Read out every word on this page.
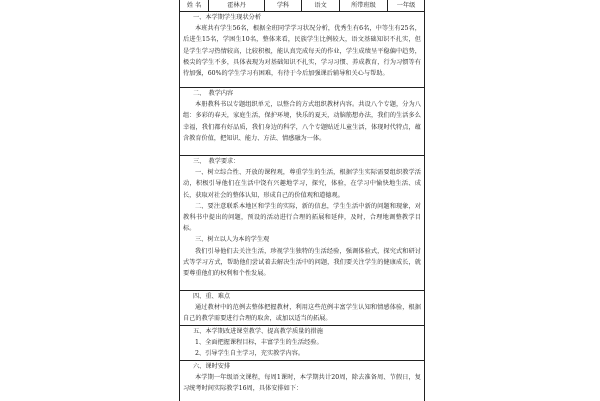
姓 名	霍林丹	学科	语文	所带班级	一年级
一、本学期学生现状分析

本班共有学生56名，根据全班同学学习状况分析，优秀生有6名，中等生有25名，后进生15名，学困生10名，整体来看，民族学生比例较大，语文基础知识不扎实，但是学生学习热情较高，比较积极，能认真完成每天的作业，学生成绩呈平稳偏中趋势，极尖的学生不多，具体表现为对基础知识不扎实，学习习惯、养成教育，行为习惯等有待加强，60%的学生学习有困难，有待于今后加强课后辅导和关心与帮助。

二、　教学内容

本册教科书以专题组织单元，以整合的方式组织教材内容。共设八个专题，分为八组：多彩的春天，家庭生活，保护环境，快乐的夏天，动脑筋想办法，我们的生活多么幸福，我们都有好品质，我们身边的科学，八个专题贴近儿童生活，体现时代特点，蕴含教育价值，把知识、能力、方法、情感融为一体。

三、　教学要求：

一、树立综合性、开放的课程观，尊重学生的生活，根据学生实际需要组织教学活动，积极引导他们在生活中饶有兴趣地学习，探究，体验，在学习中愉快地生活、成长，获取对社会的整体认知，形成自己的价值观和道德观。

二、要注意联系本地区和学生的实际，新的信息，学生生活中新的问题和现象，对教科书中提出的问题，预设的活动进行合理的拓展和延伸，及时，合理地调整教学目标。

三、树立以人为本的学生观

我们引导他们去关注生活，珍视学生独特的生活经验，强调体验式，探究式和研讨式等学习方式，帮助他们尝试着去解决生活中的问题，我们要关注学生的健康成长，就要尊重他们的权利和个性发展。

四、重、难点

通过教材中的范例去整体把握教材，利用这些范例丰富学生认知和情感体验，根据自己的教学需要进行合理的取舍，或加以适当的拓展。

五、本学期改进课堂教学、提高教学质量的措施

1、全面把握课程目标，丰富学生的生活经验。

2、引导学生自主学习，充实教学内容。

六、课时安排

本学期一年级语文课程，每周1课时，本学期共计20周，除去准备周、节假日，复习统考时间实际教学16周，具体安排如下：
